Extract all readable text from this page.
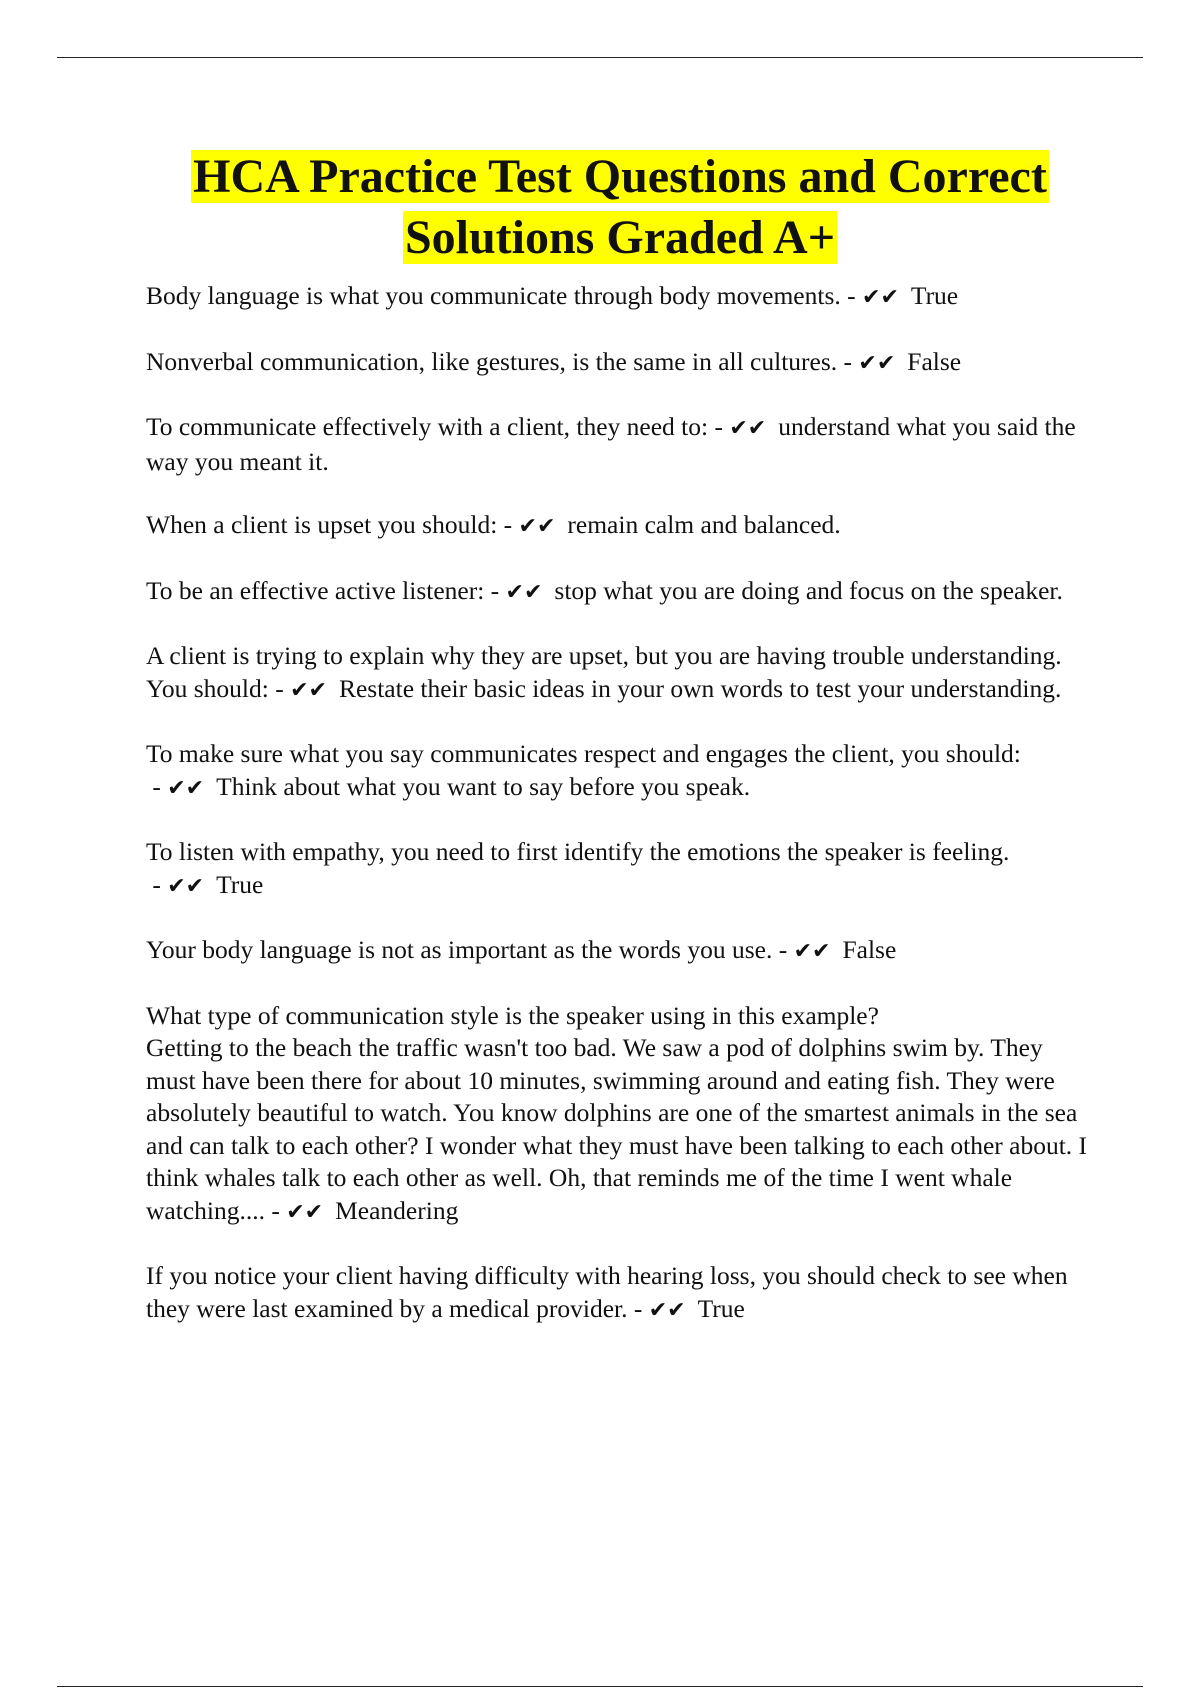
HCA Practice Test Questions and Correct
Solutions Graded A+

Body language is what you communicate through body movements. - ✔✔ True

Nonverbal communication, like gestures, is the same in all cultures. - ✔✔ False

To communicate effectively with a client, they need to: - ✔✔ understand what you said the way you meant it.

When a client is upset you should: - ✔✔ remain calm and balanced.

To be an effective active listener: - ✔✔ stop what you are doing and focus on the speaker.

A client is trying to explain why they are upset, but you are having trouble understanding. You should: - ✔✔ Restate their basic ideas in your own words to test your understanding.

To make sure what you say communicates respect and engages the client, you should: - ✔✔ Think about what you want to say before you speak.

To listen with empathy, you need to first identify the emotions the speaker is feeling. - ✔✔ True

Your body language is not as important as the words you use. - ✔✔ False

What type of communication style is the speaker using in this example?
Getting to the beach the traffic wasn't too bad. We saw a pod of dolphins swim by. They must have been there for about 10 minutes, swimming around and eating fish. They were absolutely beautiful to watch. You know dolphins are one of the smartest animals in the sea and can talk to each other? I wonder what they must have been talking to each other about. I think whales talk to each other as well. Oh, that reminds me of the time I went whale watching.... - ✔✔ Meandering

If you notice your client having difficulty with hearing loss, you should check to see when they were last examined by a medical provider. - ✔✔ True
